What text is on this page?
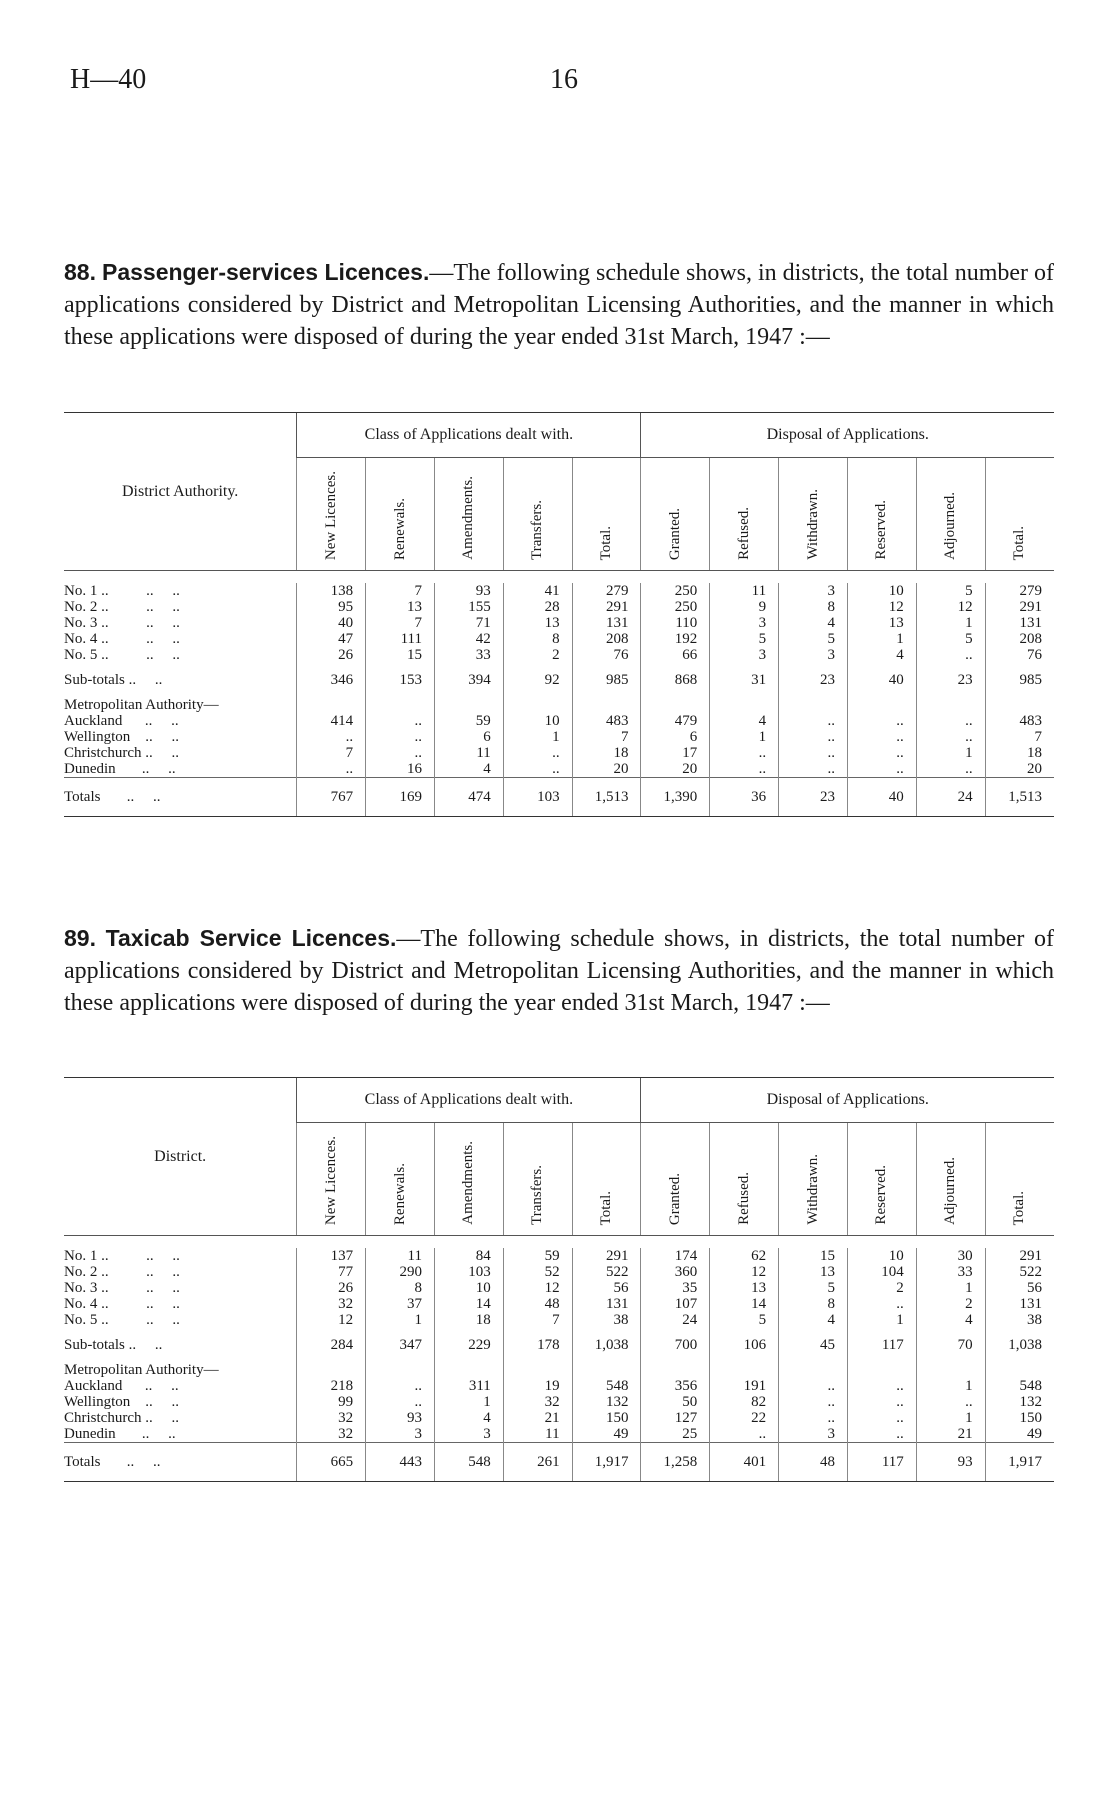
H—40	16

88. Passenger-services Licences.—The following schedule shows, in districts, the total number of applications considered by District and Metropolitan Licensing Authorities, and the manner in which these applications were disposed of during the year ended 31st March, 1947 :—

District Authority.	Class of Applications dealt with.					Disposal of Applications.					

	New Licences.	Renewals.	Amendments.	Transfers.	Total.	Granted.	Refused.	Withdrawn.	Reserved.	Adjourned.	Total.

No. 1 ..          ..     ..	138	7	93	41	279	250	11	3	10	5	279
No. 2 ..          ..     ..	95	13	155	28	291	250	9	8	12	12	291
No. 3 ..          ..     ..	40	7	71	13	131	110	3	4	13	1	131
No. 4 ..          ..     ..	47	111	42	8	208	192	5	5	1	5	208
No. 5 ..          ..     ..	26	15	33	2	76	66	3	3	4	..	76
Sub-totals ..     ..	346	153	394	92	985	868	31	23	40	23	985
Metropolitan Authority—											
Auckland      ..     ..	414	..	59	10	483	479	4	..	..	..	483
Wellington    ..     ..	..	..	6	1	7	6	1	..	..	..	7
Christchurch ..     ..	7	..	11	..	18	17	..	..	..	1	18
Dunedin       ..     ..	..	16	4	..	20	20	..	..	..	..	20
Totals       ..     ..	767	169	474	103	1,513	1,390	36	23	40	24	1,513

89. Taxicab Service Licences.—The following schedule shows, in districts, the total number of applications considered by District and Metropolitan Licensing Authorities, and the manner in which these applications were disposed of during the year ended 31st March, 1947 :—

District.	Class of Applications dealt with.					Disposal of Applications.					

	New Licences.	Renewals.	Amendments.	Transfers.	Total.	Granted.	Refused.	Withdrawn.	Reserved.	Adjourned.	Total.

No. 1 ..          ..     ..	137	11	84	59	291	174	62	15	10	30	291
No. 2 ..          ..     ..	77	290	103	52	522	360	12	13	104	33	522
No. 3 ..          ..     ..	26	8	10	12	56	35	13	5	2	1	56
No. 4 ..          ..     ..	32	37	14	48	131	107	14	8	..	2	131
No. 5 ..          ..     ..	12	1	18	7	38	24	5	4	1	4	38
Sub-totals ..     ..	284	347	229	178	1,038	700	106	45	117	70	1,038
Metropolitan Authority—											
Auckland      ..     ..	218	..	311	19	548	356	191	..	..	1	548
Wellington    ..     ..	99	..	1	32	132	50	82	..	..	..	132
Christchurch ..     ..	32	93	4	21	150	127	22	..	..	1	150
Dunedin       ..     ..	32	3	3	11	49	25	..	3	..	21	49
Totals       ..     ..	665	443	548	261	1,917	1,258	401	48	117	93	1,917
